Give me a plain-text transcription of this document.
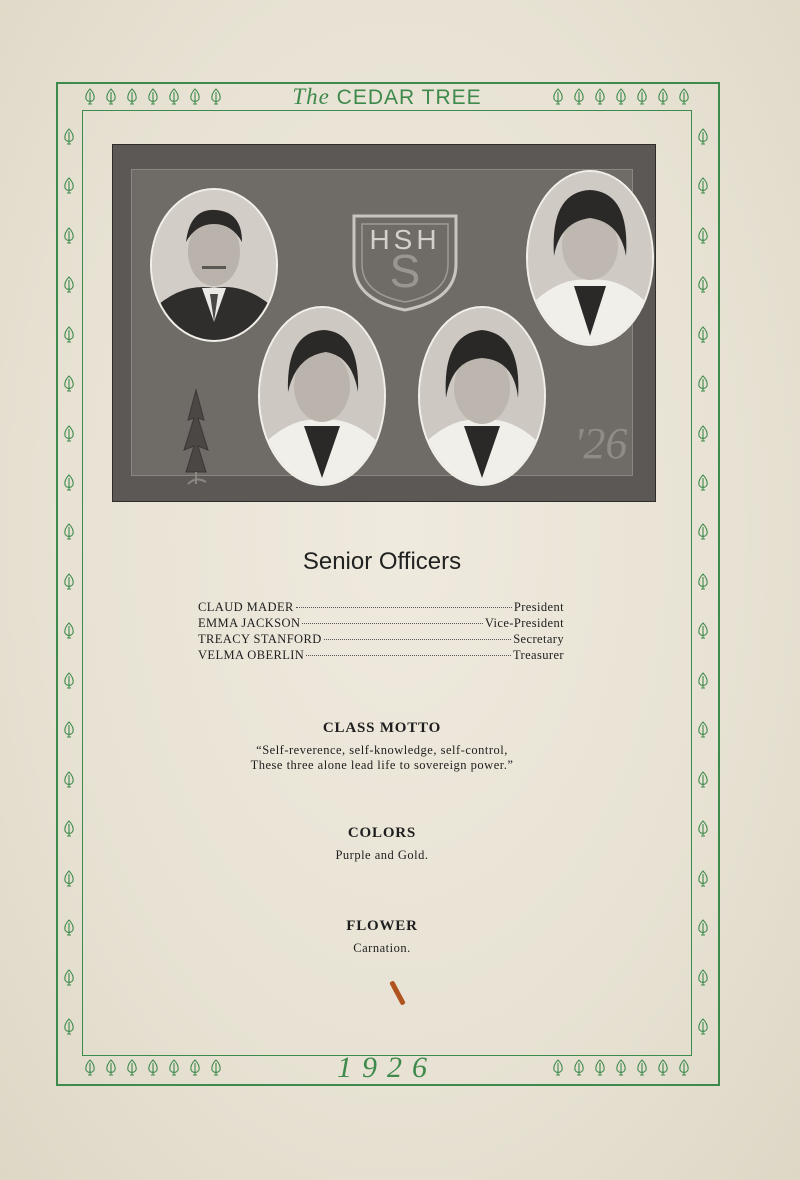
The CEDAR TREE
1926
HSH
S
'26
Senior Officers
CLAUD MADER	President
EMMA JACKSON	Vice-President
TREACY STANFORD	Secretary
VELMA OBERLIN	Treasurer
CLASS MOTTO
“Self-reverence, self-knowledge, self-control,
These three alone lead life to sovereign power.”
COLORS
Purple and Gold.
FLOWER
Carnation.
